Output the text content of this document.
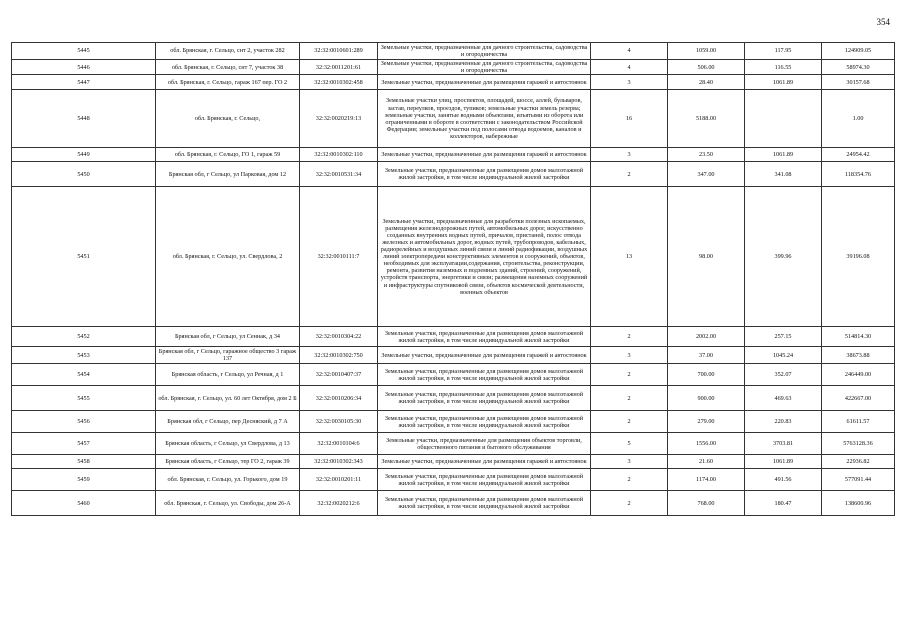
354
5445	обл. Брянская, г. Сельцо, снт 2, участок 282	32:32:0010601:289	Земельные участки, предназначенные для дачного строительства, садоводства и огородничества	4	1059.00	117.95	124909.05
5446	обл. Брянская, г. Сельцо, снт 7, участок 38	32:32:0011201:61	Земельные участки, предназначенные для дачного строительства, садоводства и огородничества	4	506.00	116.55	58974.30
5447	обл. Брянская, г. Сельцо, гараж 167 пер. ГО 2	32:32:0010302:458	Земельные участки, предназначенные для размещения гаражей и автостоянок	3	28.40	1061.89	30157.68
5448	обл. Брянская, г. Сельцо,	32:32:0020219:13	Земельные участки улиц, проспектов, площадей, шоссе, аллей, бульваров, застав, переулков, проездов, тупиков; земельные участки земель резерва; земельные участки, занятые водными объектами, изъятыми из оборота или ограниченными в обороте в соответствии с законодательством Российской Федерации; земельные участки под полосами отвода водоемов, каналов и коллекторов, набережные	16	5188.00		1.00
5449	обл. Брянская, г. Сельцо, ГО 1, гараж 59	32:32:0010302:110	Земельные участки, предназначенные для размещения гаражей и автостоянок	3	23.50	1061.89	24954.42
5450	Брянская обл, г Сельцо, ул Парковая, дом 12	32:32:0010531:34	Земельные участки, предназначенные для размещения домов малоэтажной жилой застройки, в том числе индивидуальной жилой застройки	2	347.00	341.08	118354.76
5451	обл. Брянская, г. Сельцо, ул. Свердлова, 2	32:32:0010111:7	Земельные участки, предназначенные для разработки полезных ископаемых, размещения железнодорожных путей, автомобильных дорог, искусственно созданных внутренних водных путей, причалов, пристаней, полос отвода железных и автомобильных дорог, водных путей, трубопроводов, кабельных, радиорелейных и воздушных линий связи и линий радиофикации, воздушных линий электропередачи конструктивных элементов и сооружений, объектов, необходимых для эксплуатации,содержания, строительства, реконструкции, ремонта, развития наземных и подземных зданий, строений, сооружений, устройств транспорта, энергетики и связи; размещения наземных сооружений и инфраструктуры спутниковой связи, объектов космической деятельности, военных объектов	13	98.00	399.96	39196.08
5452	Брянская обл, г Сельцо, ул Сеннак, д 34	32:32:0010304:22	Земельные участки, предназначенные для размещения домов малоэтажной жилой застройки, в том числе индивидуальной жилой застройки	2	2002.00	257.15	514814.30
5453	Брянская обл, г Сельцо, гаражное общество 3 гараж 137	32:32:0010302:750	Земельные участки, предназначенные для размещения гаражей и автостоянок	3	37.00	1045.24	38673.88
5454	Брянская область, г Сельцо, ул Речная, д 1	32:32:0010407:37	Земельные участки, предназначенные для размещения домов малоэтажной жилой застройки, в том числе индивидуальной жилой застройки	2	700.00	352.07	246449.00
5455	обл. Брянская, г. Сельцо, ул. 60 лет Октября, дом 2 Б	32:32:0010206:34	Земельные участки, предназначенные для размещения домов малоэтажной жилой застройки, в том числе индивидуальной жилой застройки	2	900.00	469.63	422667.00
5456	Брянская обл, г Сельцо, пер Десняский, д 7 А	32:32:0030105:30	Земельные участки, предназначенные для размещения домов малоэтажной жилой застройки, в том числе индивидуальной жилой застройки	2	279.00	220.83	61611.57
5457	Брянская область, г Сельцо, ул Свердлова, д 13	32:32:0010104:6	Земельные участки, предназначенные для размещения объектов торговли, общественного питания и бытового обслуживания	5	1556.00	3703.81	5763128.36
5458	Брянская область, г Сельцо, тер ГО 2, гараж 39	32:32:0010302:343	Земельные участки, предназначенные для размещения гаражей и автостоянок	3	21.60	1061.89	22936.82
5459	обл. Брянская, г. Сельцо, ул. Горького, дом 19	32:32:0010201:11	Земельные участки, предназначенные для размещения домов малоэтажной жилой застройки, в том числе индивидуальной жилой застройки	2	1174.00	491.56	577091.44
5460	обл. Брянская, г. Сельцо, ул. Свободы, дом 26-А	32:32:0020212:6	Земельные участки, предназначенные для размещения домов малоэтажной жилой застройки, в том числе индивидуальной жилой застройки	2	768.00	180.47	138600.96
